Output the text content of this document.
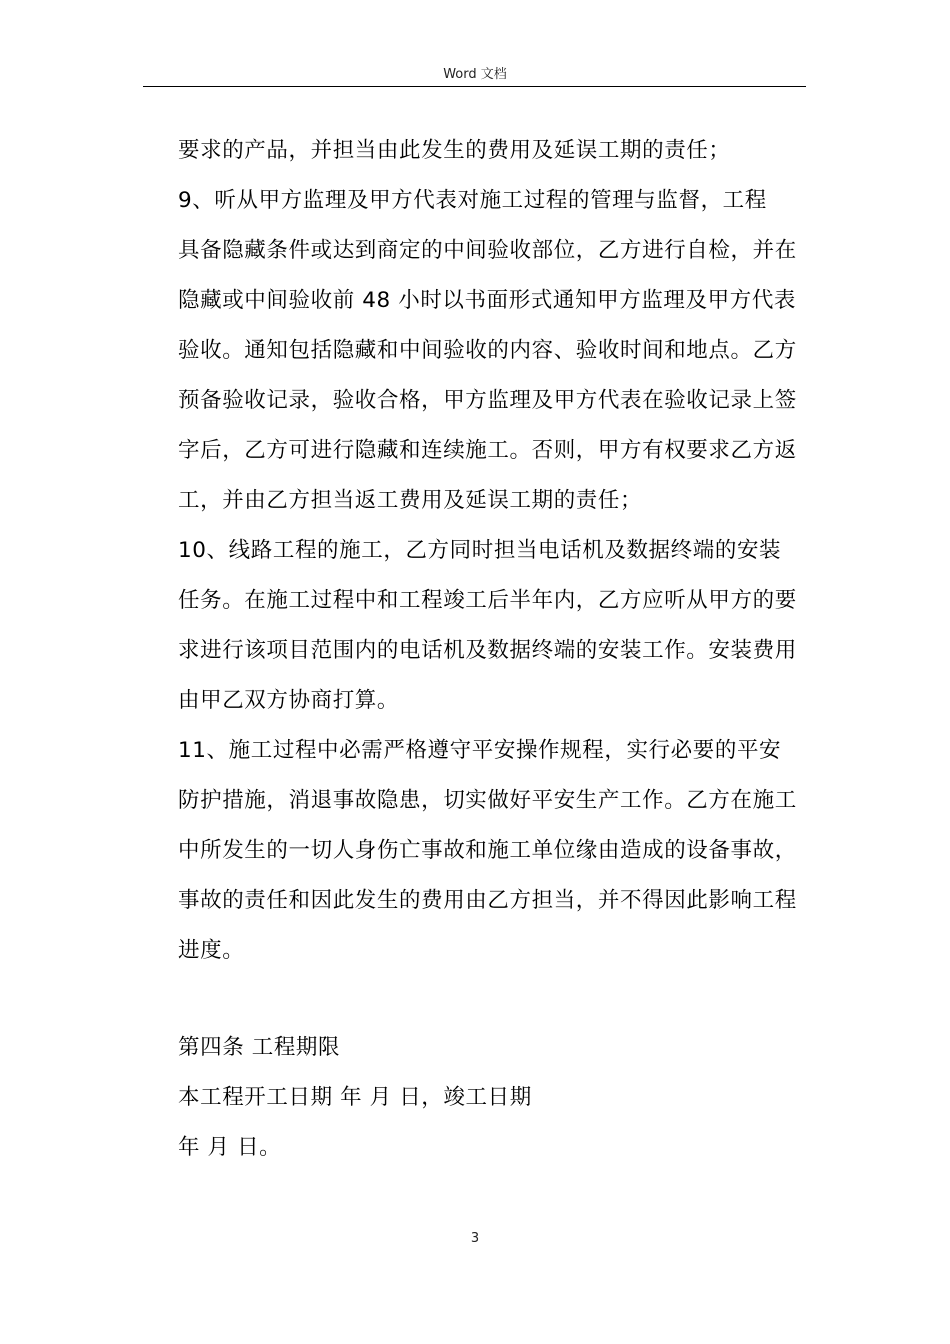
Word 文档
要求的产品，并担当由此发生的费用及延误工期的责任；
9、听从甲方监理及甲方代表对施工过程的管理与监督，工程
具备隐藏条件或达到商定的中间验收部位，乙方进行自检，并在
隐藏或中间验收前 48 小时以书面形式通知甲方监理及甲方代表
验收。通知包括隐藏和中间验收的内容、验收时间和地点。乙方
预备验收记录，验收合格，甲方监理及甲方代表在验收记录上签
字后，乙方可进行隐藏和连续施工。否则，甲方有权要求乙方返
工，并由乙方担当返工费用及延误工期的责任；
10、线路工程的施工，乙方同时担当电话机及数据终端的安装
任务。在施工过程中和工程竣工后半年内，乙方应听从甲方的要
求进行该项目范围内的电话机及数据终端的安装工作。安装费用
由甲乙双方协商打算。
11、施工过程中必需严格遵守平安操作规程，实行必要的平安
防护措施，消退事故隐患，切实做好平安生产工作。乙方在施工
中所发生的一切人身伤亡事故和施工单位缘由造成的设备事故，
事故的责任和因此发生的费用由乙方担当，并不得因此影响工程
进度。
第四条 工程期限
本工程开工日期 年 月 日，竣工日期
年 月 日。
3
